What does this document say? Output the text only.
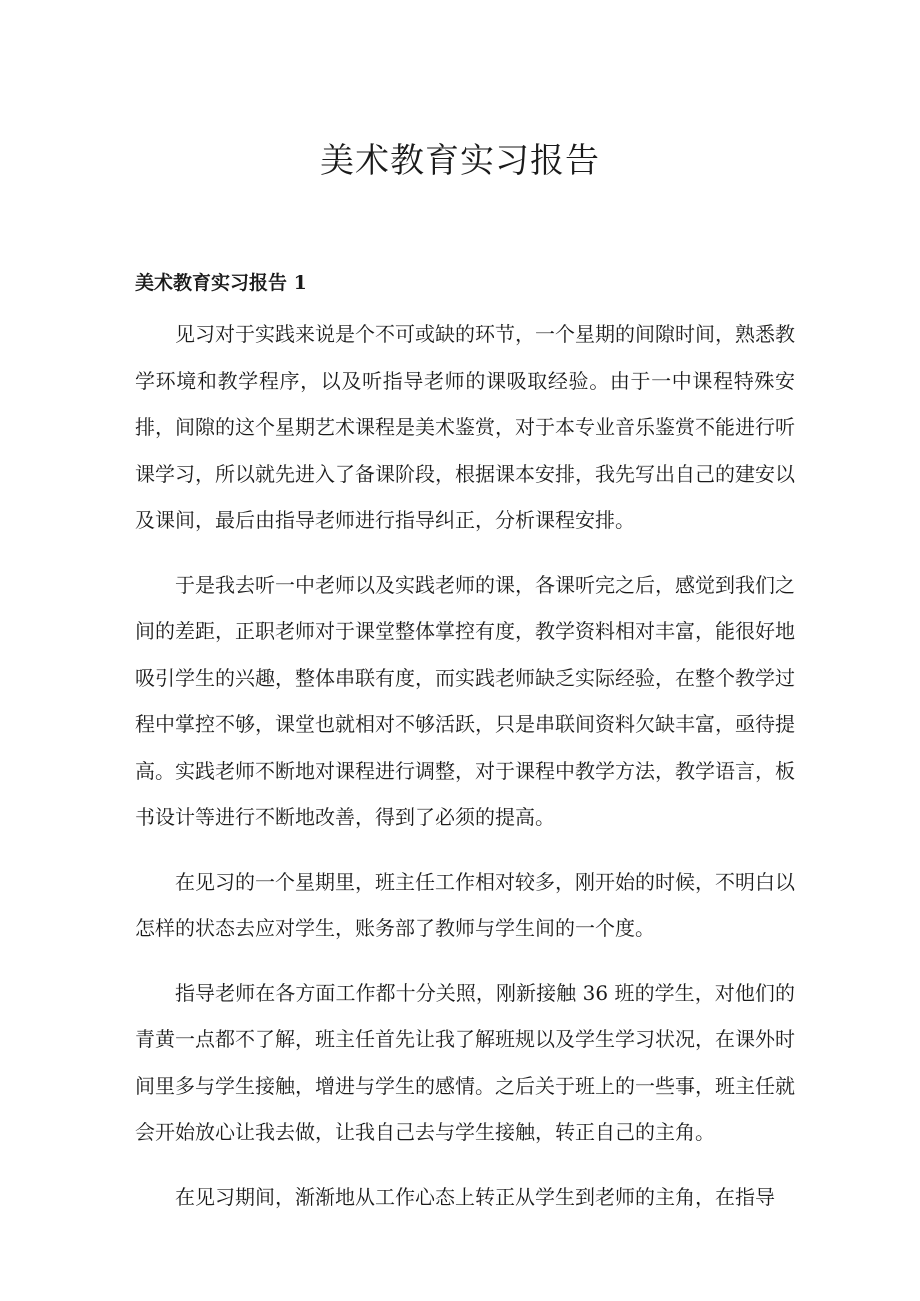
美术教育实习报告
美术教育实习报告 1

见习对于实践来说是个不可或缺的环节，一个星期的间隙时间，熟悉教学环境和教学程序，以及听指导老师的课吸取经验。由于一中课程特殊安排，间隙的这个星期艺术课程是美术鉴赏，对于本专业音乐鉴赏不能进行听课学习，所以就先进入了备课阶段，根据课本安排，我先写出自己的建安以及课间，最后由指导老师进行指导纠正，分析课程安排。

于是我去听一中老师以及实践老师的课，各课听完之后，感觉到我们之间的差距，正职老师对于课堂整体掌控有度，教学资料相对丰富，能很好地吸引学生的兴趣，整体串联有度，而实践老师缺乏实际经验，在整个教学过程中掌控不够，课堂也就相对不够活跃，只是串联间资料欠缺丰富，亟待提高。实践老师不断地对课程进行调整，对于课程中教学方法，教学语言，板书设计等进行不断地改善，得到了必须的提高。

在见习的一个星期里，班主任工作相对较多，刚开始的时候，不明白以怎样的状态去应对学生，账务部了教师与学生间的一个度。

指导老师在各方面工作都十分关照，刚新接触 36 班的学生，对他们的青黄一点都不了解，班主任首先让我了解班规以及学生学习状况，在课外时间里多与学生接触，增进与学生的感情。之后关于班上的一些事，班主任就会开始放心让我去做，让我自己去与学生接触，转正自己的主角。

在见习期间，渐渐地从工作心态上转正从学生到老师的主角，在指导
